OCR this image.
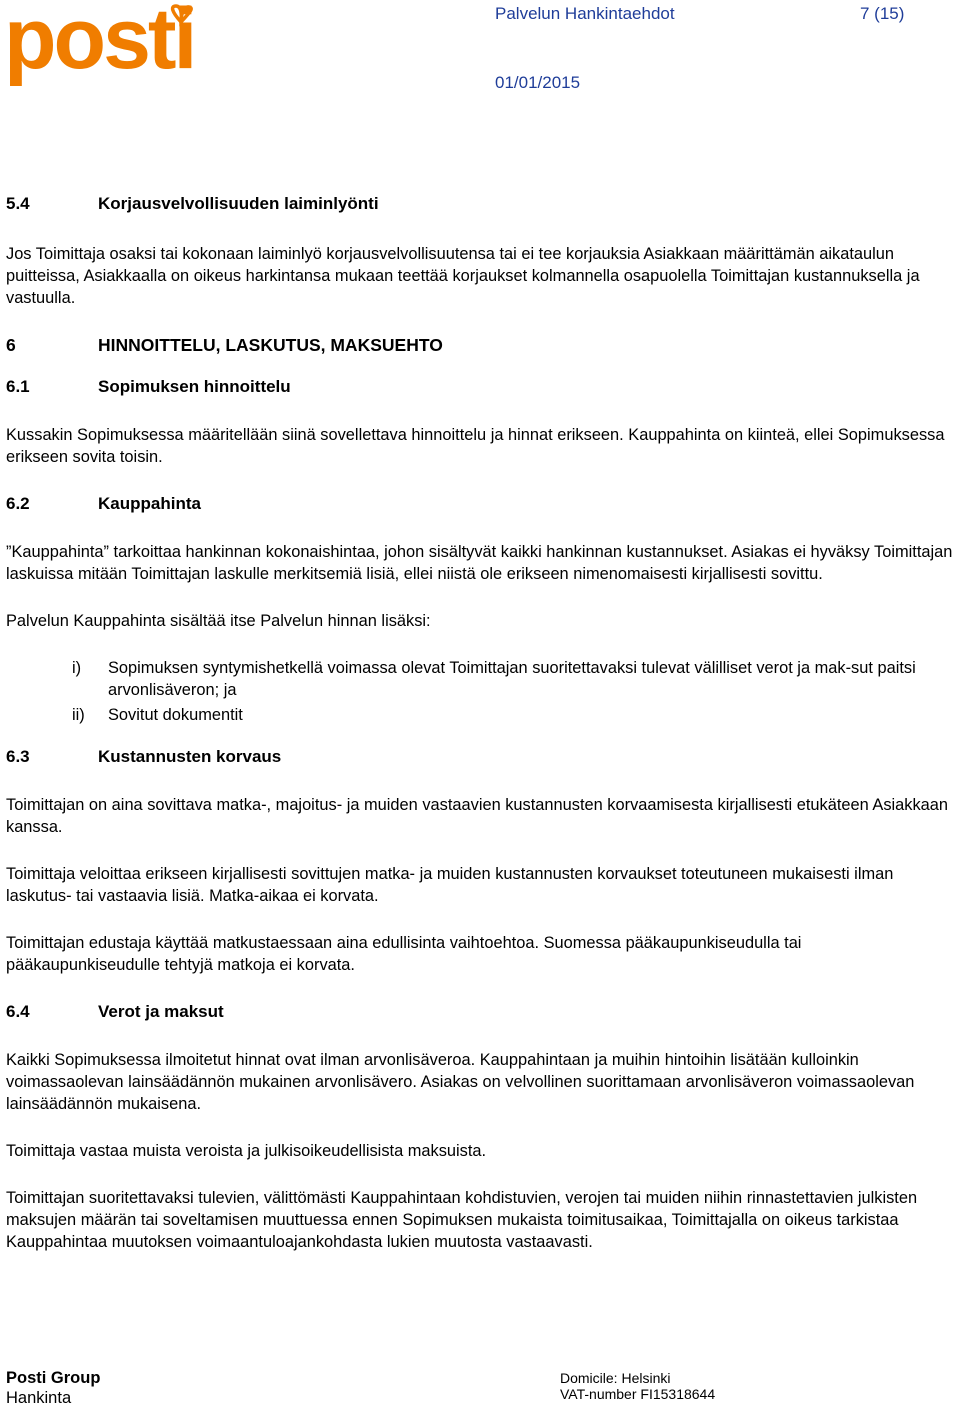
posti	Palvelun Hankintaehdot	7 (15)
01/01/2015
5.4	Korjausvelvollisuuden laiminlyönti

Jos Toimittaja osaksi tai kokonaan laiminlyö korjausvelvollisuutensa tai ei tee korjauksia Asiakkaan määrittämän aikataulun puitteissa, Asiakkaalla on oikeus harkintansa mukaan teettää korjaukset kolmannella osapuolella Toimittajan kustannuksella ja vastuulla.

6	HINNOITTELU, LASKUTUS, MAKSUEHTO
6.1	Sopimuksen hinnoittelu

Kussakin Sopimuksessa määritellään siinä sovellettava hinnoittelu ja hinnat erikseen. Kauppahinta on kiinteä, ellei Sopimuksessa erikseen sovita toisin.

6.2	Kauppahinta

”Kauppahinta” tarkoittaa hankinnan kokonaishintaa, johon sisältyvät kaikki hankinnan kustannukset. Asiakas ei hyväksy Toimittajan laskuissa mitään Toimittajan laskulle merkitsemiä lisiä, ellei niistä ole erikseen nimenomaisesti kirjallisesti sovittu.

Palvelun Kauppahinta sisältää itse Palvelun hinnan lisäksi:

i)	Sopimuksen syntymishetkellä voimassa olevat Toimittajan suoritettavaksi tulevat välilliset verot ja mak-sut paitsi arvonlisäveron; ja
ii)	Sovitut dokumentit
6.3	Kustannusten korvaus

Toimittajan on aina sovittava matka-, majoitus- ja muiden vastaavien kustannusten korvaamisesta kirjallisesti etukäteen Asiakkaan kanssa.

Toimittaja veloittaa erikseen kirjallisesti sovittujen matka- ja muiden kustannusten korvaukset toteutuneen mukaisesti ilman laskutus- tai vastaavia lisiä. Matka-aikaa ei korvata.

Toimittajan edustaja käyttää matkustaessaan aina edullisinta vaihtoehtoa. Suomessa pääkaupunkiseudulla tai pääkaupunkiseudulle tehtyjä matkoja ei korvata.

6.4	Verot ja maksut

Kaikki Sopimuksessa ilmoitetut hinnat ovat ilman arvonlisäveroa. Kauppahintaan ja muihin hintoihin lisätään kulloinkin voimassaolevan lainsäädännön mukainen arvonlisävero. Asiakas on velvollinen suorittamaan arvonlisäveron voimassaolevan lainsäädännön mukaisena.

Toimittaja vastaa muista veroista ja julkisoikeudellisista maksuista.

Toimittajan suoritettavaksi tulevien, välittömästi Kauppahintaan kohdistuvien, verojen tai muiden niihin rinnastettavien julkisten maksujen määrän tai soveltamisen muuttuessa ennen Sopimuksen mukaista toimitusaikaa, Toimittajalla on oikeus tarkistaa Kauppahintaa muutoksen voimaantuloajankohdasta lukien muutosta vastaavasti.

Posti Group
Hankinta
Domicile: Helsinki
VAT-number FI15318644
